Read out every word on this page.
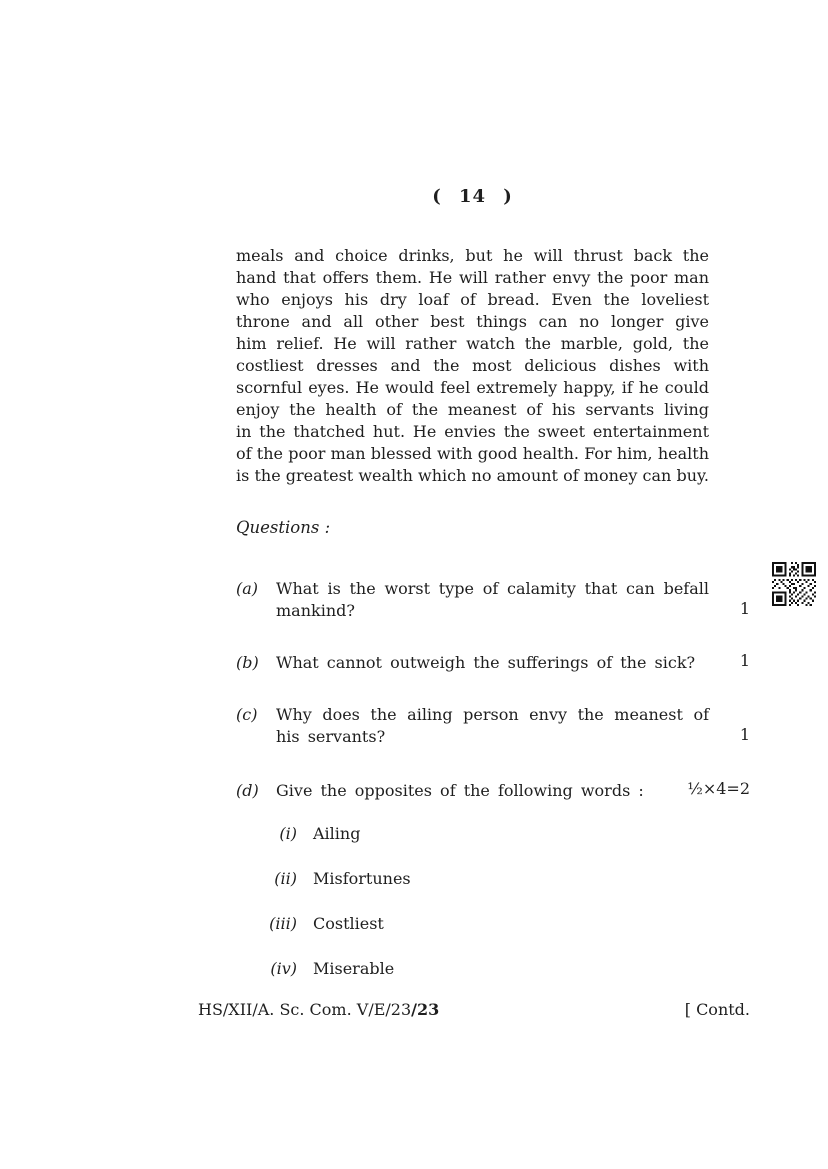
( 14 )
meals and choice drinks, but he will thrust back the
hand that offers them. He will rather envy the poor man
who enjoys his dry loaf of bread. Even the loveliest
throne and all other best things can no longer give
him relief. He will rather watch the marble, gold, the
costliest dresses and the most delicious dishes with
scornful eyes. He would feel extremely happy, if he could
enjoy the health of the meanest of his servants living
in the thatched hut. He envies the sweet entertainment
of the poor man blessed with good health. For him, health
is the greatest wealth which no amount of money can buy.
Questions :
(a) What is the worst type of calamity that can befall
mankind?	1
(b) What cannot outweigh the sufferings of the sick?	1
(c) Why does the ailing person envy the meanest of
his servants?	1
(d) Give the opposites of the following words :	½×4=2
(i) Ailing
(ii) Misfortunes
(iii) Costliest
(iv) Miserable
HS/XII/A. Sc. Com. V/E/23/23	[ Contd.
